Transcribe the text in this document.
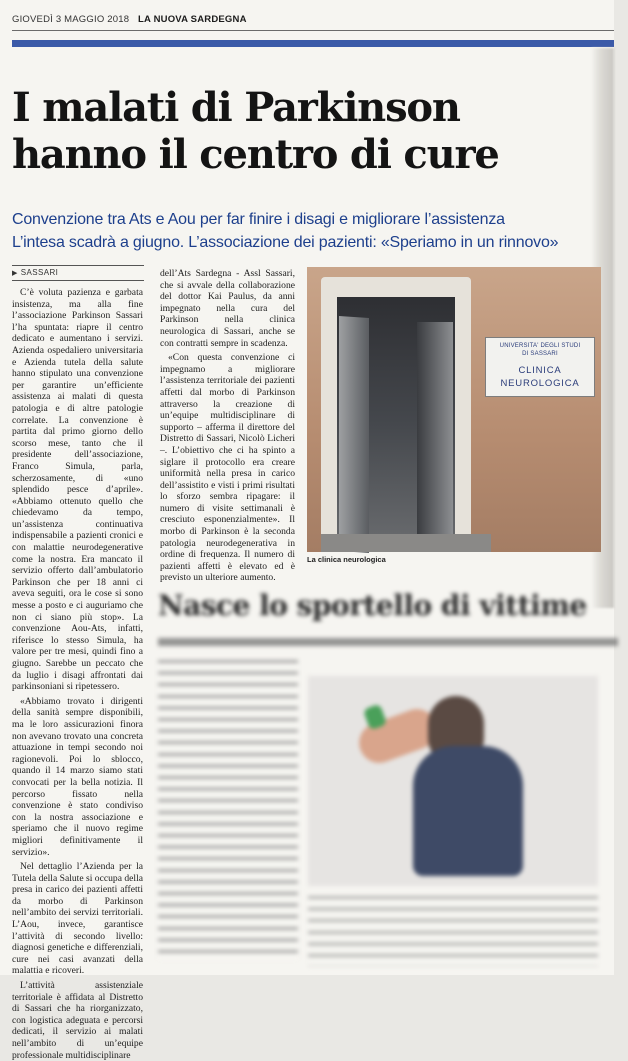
GIOVEDÌ 3 MAGGIO 2018 LA NUOVA SARDEGNA
I malati di Parkinson
hanno il centro di cure
Convenzione tra Ats e Aou per far finire i disagi e migliorare l’assistenza
L’intesa scadrà a giugno. L’associazione dei pazienti: «Speriamo in un rinnovo»
▶ SASSARI

C’è voluta pazienza e garbata insistenza, ma alla fine l’associazione Parkinson Sassari l’ha spuntata: riapre il centro dedicato e aumentano i servizi. Azienda ospedaliero universitaria e Azienda tutela della salute hanno stipulato una convenzione per garantire un’efficiente assistenza ai malati di questa patologia e di altre patologie correlate. La convenzione è partita dal primo giorno dello scorso mese, tanto che il presidente dell’associazione, Franco Simula, parla, scherzosamente, di «uno splendido pesce d’aprile». «Abbiamo ottenuto quello che chiedevamo da tempo, un’assistenza continuativa indispensabile a pazienti cronici e con malattie neurodegenerative come la nostra. Era mancato il servizio offerto dall’ambulatorio Parkinson che per 18 anni ci aveva seguiti, ora le cose si sono messe a posto e ci auguriamo che non ci siano più stop». La convenzione Aou-Ats, infatti, riferisce lo stesso Simula, ha valore per tre mesi, quindi fino a giugno. Sarebbe un peccato che da luglio i disagi affrontati dai parkinsoniani si ripetessero.

«Abbiamo trovato i dirigenti della sanità sempre disponibili, ma le loro assicurazioni finora non avevano trovato una concreta attuazione in tempi secondo noi ragionevoli. Poi lo sblocco, quando il 14 marzo siamo stati convocati per la bella notizia. Il percorso fissato nella convenzione è stato condiviso con la nostra associazione e speriamo che il nuovo regime migliori definitivamente il servizio».

Nel dettaglio l’Azienda per la Tutela della Salute si occupa della presa in carico dei pazienti affetti da morbo di Parkinson nell’ambito dei servizi territoriali. L’Aou, invece, garantisce l’attività di secondo livello: diagnosi genetiche e differenziali, cure nei casi avanzati della malattia e ricoveri.

L’attività assistenziale territoriale è affidata al Distretto di Sassari che ha riorganizzato, con logistica adeguata e percorsi dedicati, il servizio ai malati nell’ambito di un’equipe professionale multidisciplinare

dell’Ats Sardegna - Assl Sassari, che si avvale della collaborazione del dottor Kai Paulus, da anni impegnato nella cura del Parkinson nella clinica neurologica di Sassari, anche se con contratti sempre in scadenza.

«Con questa convenzione ci impegnamo a migliorare l’assistenza territoriale dei pazienti affetti dal morbo di Parkinson attraverso la creazione di un’equipe multidisciplinare di supporto – afferma il direttore del Distretto di Sassari, Nicolò Licheri –. L’obiettivo che ci ha spinto a siglare il protocollo era creare uniformità nella presa in carico dell’assistito e visti i primi risultati lo sforzo sembra ripagare: il numero di visite settimanali è cresciuto esponenzialmente». Il morbo di Parkinson è la seconda patologia neurodegenerativa in ordine di frequenza. Il numero di pazienti affetti è elevato ed è previsto un ulteriore aumento.

UNIVERSITA' DEGLI STUDI
DI SASSARI
CLINICA
NEUROLOGICA
La clinica neurologica
Nasce lo sportello di vittime
